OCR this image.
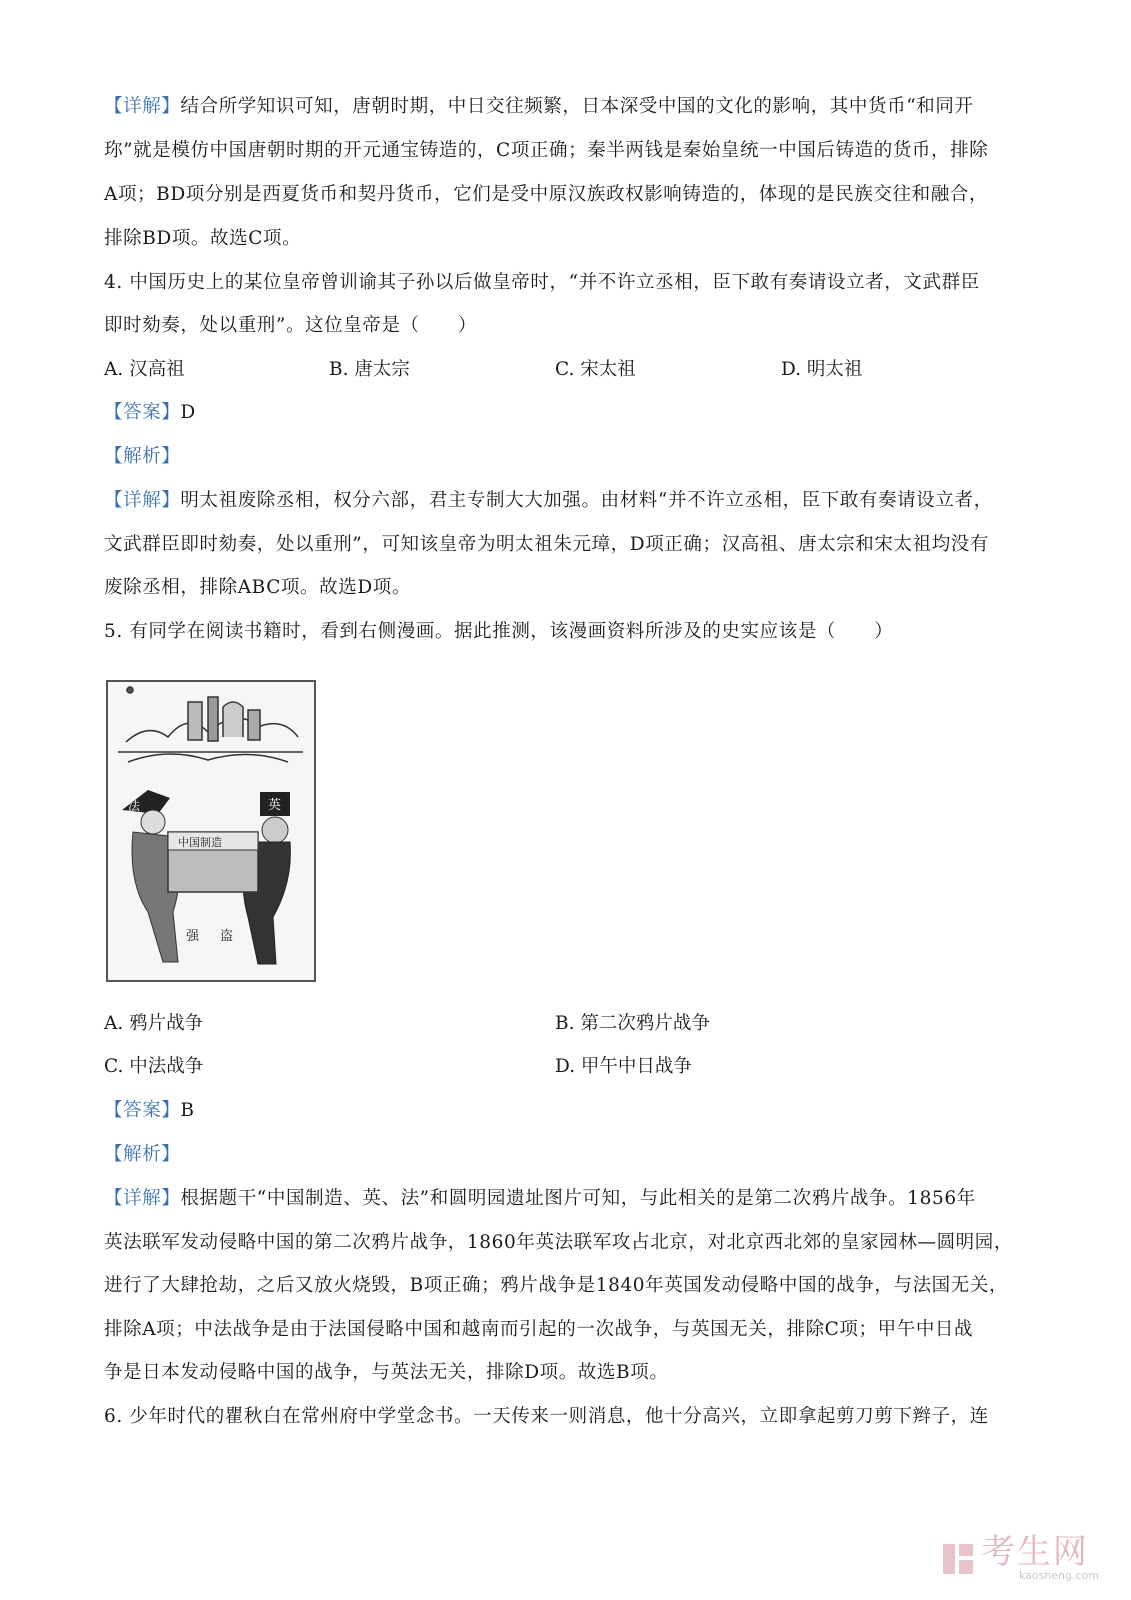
【详解】结合所学知识可知，唐朝时期，中日交往频繁，日本深受中国的文化的影响，其中货币“和同开
珎”就是模仿中国唐朝时期的开元通宝铸造的，C项正确；秦半两钱是秦始皇统一中国后铸造的货币，排除
A项；BD项分别是西夏货币和契丹货币，它们是受中原汉族政权影响铸造的，体现的是民族交往和融合，
排除BD项。故选C项。
4. 中国历史上的某位皇帝曾训谕其子孙以后做皇帝时，“并不许立丞相，臣下敢有奏请设立者，文武群臣
即时劾奏，处以重刑”。这位皇帝是（　　）
A. 汉高祖	B. 唐太宗	C. 宋太祖	D. 明太祖
【答案】D
【解析】
【详解】明太祖废除丞相，权分六部，君主专制大大加强。由材料“并不许立丞相，臣下敢有奏请设立者，
文武群臣即时劾奏，处以重刑”，可知该皇帝为明太祖朱元璋，D项正确；汉高祖、唐太宗和宋太祖均没有
废除丞相，排除ABC项。故选D项。
5. 有同学在阅读书籍时，看到右侧漫画。据此推测，该漫画资料所涉及的史实应该是（　　）
法	英
中国制造
强 盗
A. 鸦片战争	B. 第二次鸦片战争
C. 中法战争	D. 甲午中日战争
【答案】B
【解析】
【详解】根据题干“中国制造、英、法”和圆明园遗址图片可知，与此相关的是第二次鸦片战争。1856年
英法联军发动侵略中国的第二次鸦片战争，1860年英法联军攻占北京，对北京西北郊的皇家园林—圆明园，
进行了大肆抢劫，之后又放火烧毁，B项正确；鸦片战争是1840年英国发动侵略中国的战争，与法国无关，
排除A项；中法战争是由于法国侵略中国和越南而引起的一次战争，与英国无关，排除C项；甲午中日战
争是日本发动侵略中国的战争，与英法无关，排除D项。故选B项。
6. 少年时代的瞿秋白在常州府中学堂念书。一天传来一则消息，他十分高兴，立即拿起剪刀剪下辫子，连
考生网
kaosheng.com
